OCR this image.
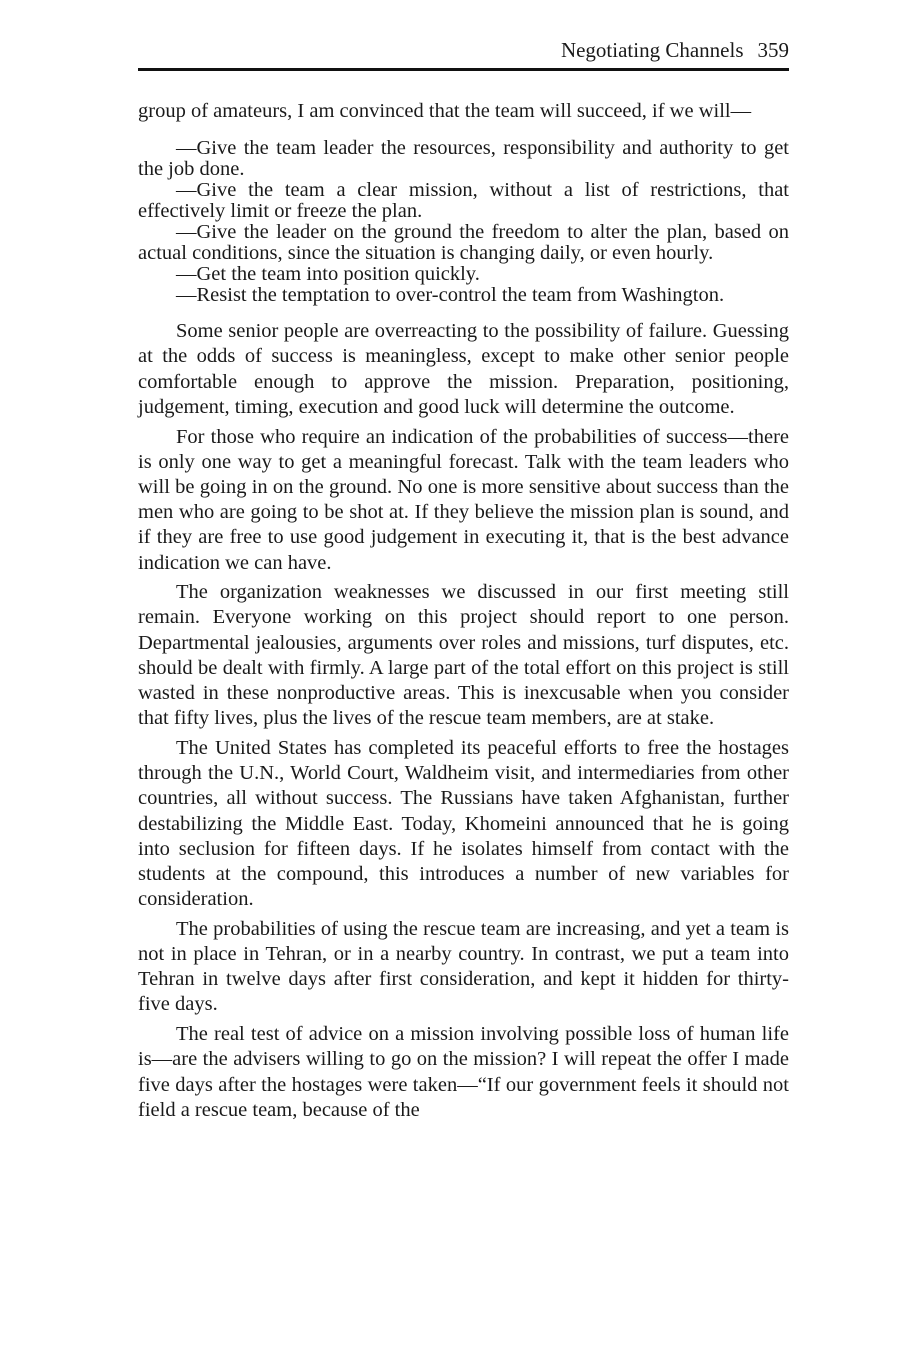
Negotiating Channels 359

group of amateurs, I am convinced that the team will succeed, if we will—

—Give the team leader the resources, responsibility and authority to get the job done.

—Give the team a clear mission, without a list of restrictions, that effectively limit or freeze the plan.

—Give the leader on the ground the freedom to alter the plan, based on actual conditions, since the situation is changing daily, or even hourly.

—Get the team into position quickly.

—Resist the temptation to over-control the team from Washington.

Some senior people are overreacting to the possibility of failure. Guessing at the odds of success is meaningless, except to make other senior people comfortable enough to approve the mission. Preparation, positioning, judgement, timing, execution and good luck will determine the outcome.

For those who require an indication of the probabilities of success—there is only one way to get a meaningful forecast. Talk with the team leaders who will be going in on the ground. No one is more sensitive about success than the men who are going to be shot at. If they believe the mission plan is sound, and if they are free to use good judgement in executing it, that is the best advance indication we can have.

The organization weaknesses we discussed in our first meeting still remain. Everyone working on this project should report to one person. Departmental jealousies, arguments over roles and missions, turf disputes, etc. should be dealt with firmly. A large part of the total effort on this project is still wasted in these nonproductive areas. This is inexcusable when you consider that fifty lives, plus the lives of the rescue team members, are at stake.

The United States has completed its peaceful efforts to free the hostages through the U.N., World Court, Waldheim visit, and intermediaries from other countries, all without success. The Russians have taken Afghanistan, further destabilizing the Middle East. Today, Khomeini announced that he is going into seclusion for fifteen days. If he isolates himself from contact with the students at the compound, this introduces a number of new variables for consideration.

The probabilities of using the rescue team are increasing, and yet a team is not in place in Tehran, or in a nearby country. In contrast, we put a team into Tehran in twelve days after first consideration, and kept it hidden for thirty-five days.

The real test of advice on a mission involving possible loss of human life is—are the advisers willing to go on the mission? I will repeat the offer I made five days after the hostages were taken—“If our government feels it should not field a rescue team, because of the
